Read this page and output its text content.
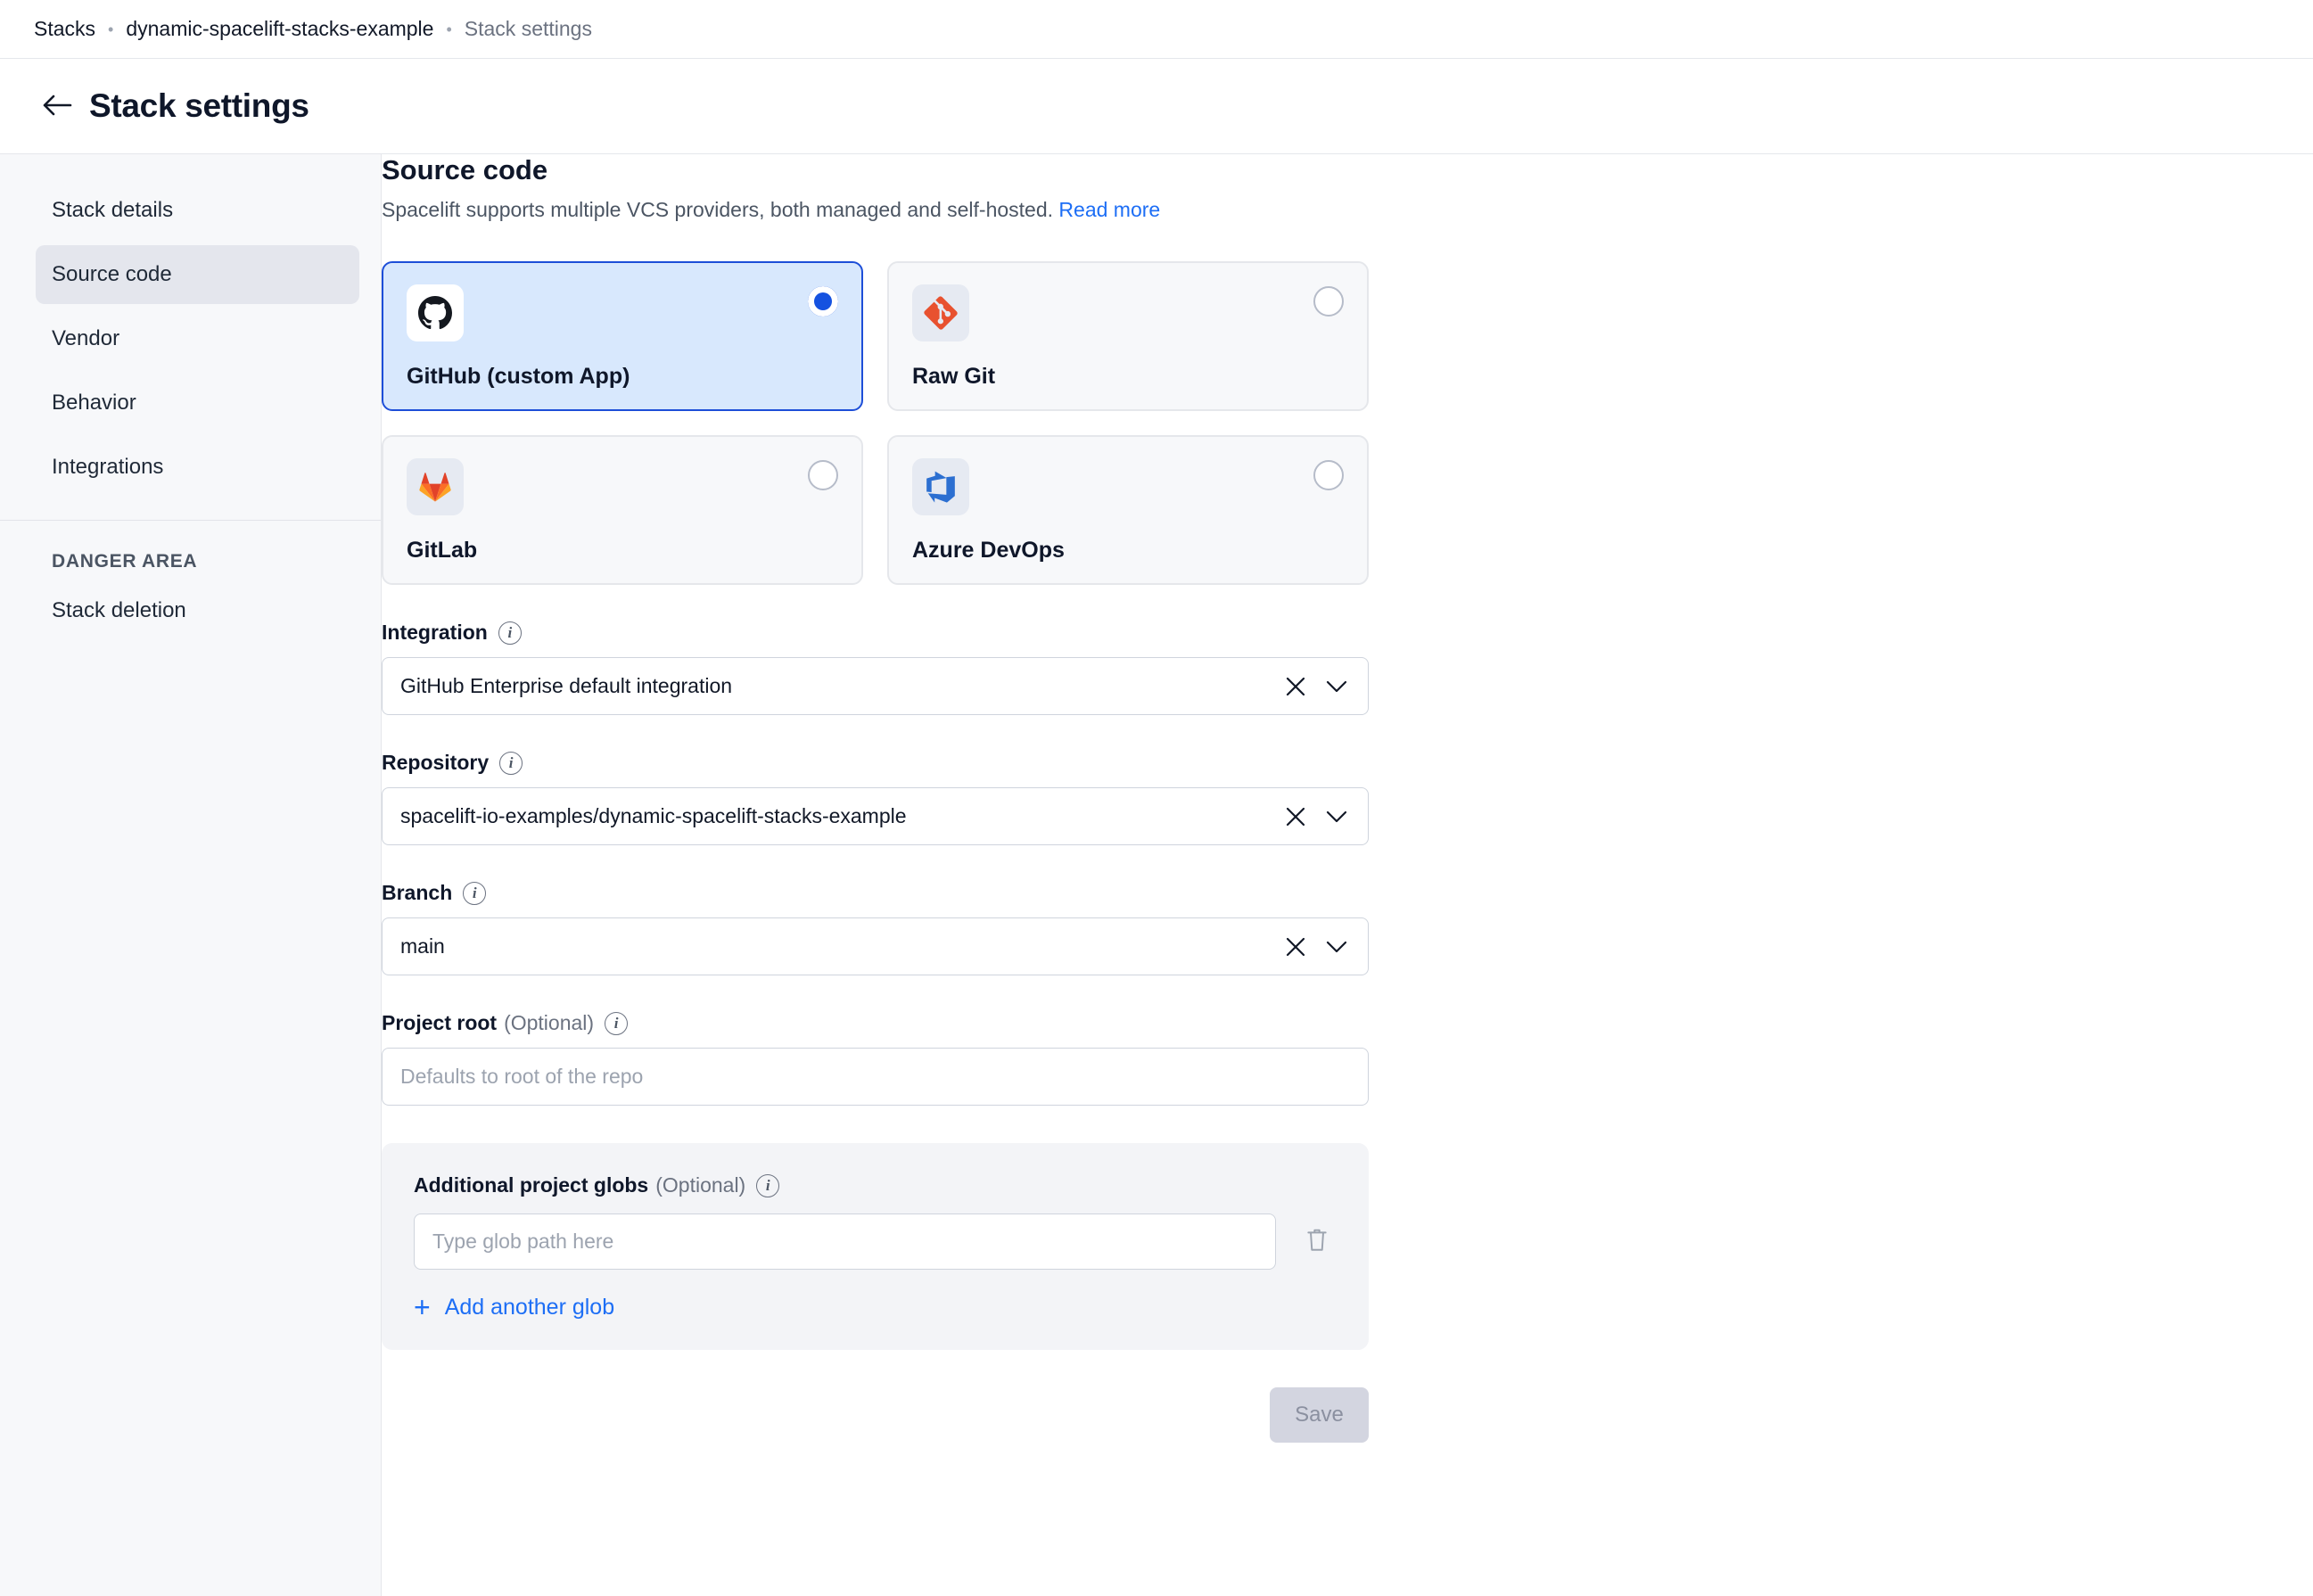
Stacks • dynamic-spacelift-stacks-example • Stack settings
Stack settings
Stack details
Source code
Vendor
Behavior
Integrations
DANGER AREA
Stack deletion
Source code
Spacelift supports multiple VCS providers, both managed and self-hosted. Read more
GitHub (custom App)	Raw Git
GitLab	Azure DevOps
Integration	i
GitHub Enterprise default integration
Repository	i
spacelift-io-examples/dynamic-spacelift-stacks-example
Branch	i
main
Project root (Optional)	i
Defaults to root of the repo
Additional project globs (Optional)	i
Type glob path here
+ Add another glob
Save
